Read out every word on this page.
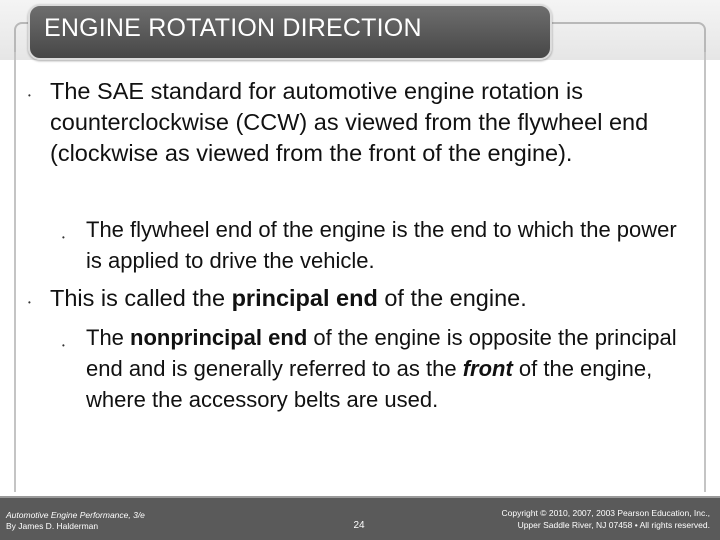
ENGINE ROTATION DIRECTION
• The SAE standard for automotive engine rotation is counterclockwise (CCW) as viewed from the flywheel end (clockwise as viewed from the front of the engine).
• The flywheel end of the engine is the end to which the power is applied to drive the vehicle.
• This is called the principal end of the engine.
• The nonprincipal end of the engine is opposite the principal end and is generally referred to as the front of the engine, where the accessory belts are used.
Automotive Engine Performance, 3/e
By James D. Halderman	24
Copyright © 2010, 2007, 2003 Pearson Education, Inc.,
Upper Saddle River, NJ 07458 • All rights reserved.
